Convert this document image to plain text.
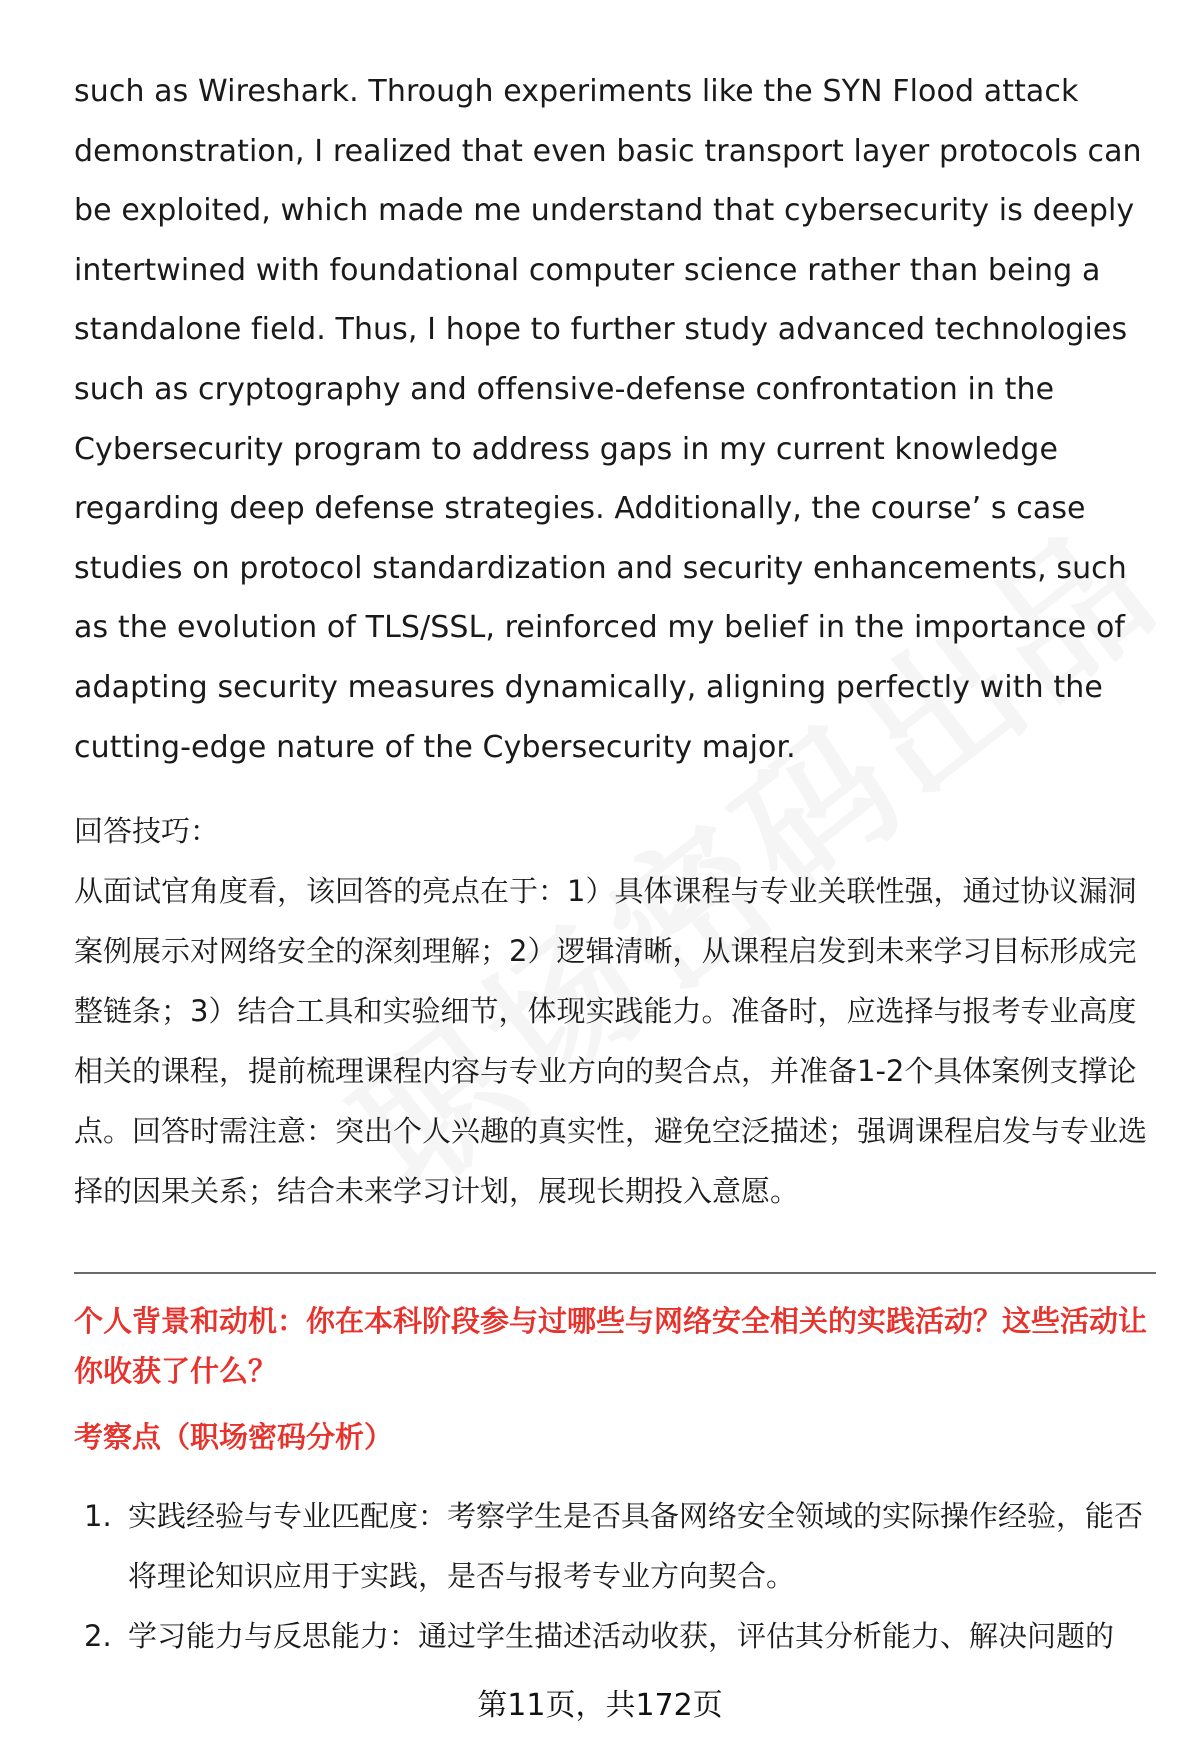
such as Wireshark. Through experiments like the SYN Flood attack demonstration, I realized that even basic transport layer protocols can be exploited, which made me understand that cybersecurity is deeply intertwined with foundational computer science rather than being a standalone field. Thus, I hope to further study advanced technologies such as cryptography and offensive-defense confrontation in the Cybersecurity program to address gaps in my current knowledge regarding deep defense strategies. Additionally, the course’ s case studies on protocol standardization and security enhancements, such as the evolution of TLS/SSL, reinforced my belief in the importance of adapting security measures dynamically, aligning perfectly with the cutting-edge nature of the Cybersecurity major.

回答技巧：

从面试官角度看，该回答的亮点在于：1）具体课程与专业关联性强，通过协议漏洞案例展示对网络安全的深刻理解；2）逻辑清晰，从课程启发到未来学习目标形成完整链条；3）结合工具和实验细节，体现实践能力。准备时，应选择与报考专业高度相关的课程，提前梳理课程内容与专业方向的契合点，并准备1-2个具体案例支撑论点。回答时需注意：突出个人兴趣的真实性，避免空泛描述；强调课程启发与专业选择的因果关系；结合未来学习计划，展现长期投入意愿。

个人背景和动机：你在本科阶段参与过哪些与网络安全相关的实践活动？这些活动让你收获了什么？

考察点（职场密码分析）

1. 实践经验与专业匹配度：考察学生是否具备网络安全领域的实际操作经验，能否将理论知识应用于实践，是否与报考专业方向契合。
2. 学习能力与反思能力：通过学生描述活动收获，评估其分析能力、解决问题的
第11页，共172页
